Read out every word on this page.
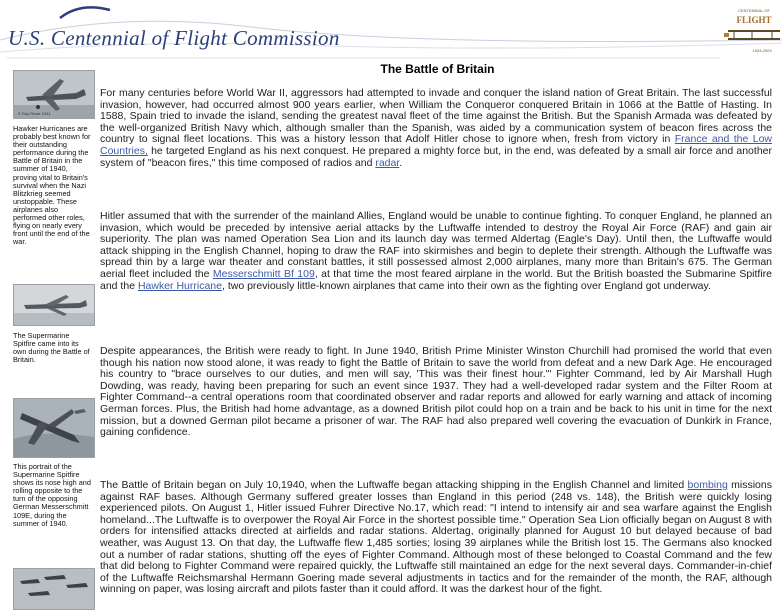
U.S. Centennial of Flight Commission
CENTENNIAL OF
FLIGHT
1903-2003
© Roy Rowe 1941
Hawker Hurricanes are probably best known for their outstanding performance during the Battle of Britain in the summer of 1940, proving vital to Britain's survival when the Nazi Blitzkrieg seemed unstoppable. These airplanes also performed other roles, flying on nearly every front until the end of the war.
The Supermarine Spitfire came into its own during the Battle of Britain.
This portrait of the Supermarine Spitfire shows its nose high and rolling opposite to the turn of the opposing German Messerschmitt 109E, during the summer of 1940.
The Battle of Britain
For many centuries before World War II, aggressors had attempted to invade and conquer the island nation of Great Britain. The last successful invasion, however, had occurred almost 900 years earlier, when William the Conqueror conquered Britain in 1066 at the Battle of Hasting. In 1588, Spain tried to invade the island, sending the greatest naval fleet of the time against the British. But the Spanish Armada was defeated by the well-organized British Navy which, although smaller than the Spanish, was aided by a communication system of beacon fires across the country to signal fleet locations. This was a history lesson that Adolf Hitler chose to ignore when, fresh from victory in France and the Low Countries, he targeted England as his next conquest. He prepared a mighty force but, in the end, was defeated by a small air force and another system of "beacon fires," this time composed of radios and radar.
Hitler assumed that with the surrender of the mainland Allies, England would be unable to continue fighting. To conquer England, he planned an invasion, which would be preceded by intensive aerial attacks by the Luftwaffe intended to destroy the Royal Air Force (RAF) and gain air superiority. The plan was named Operation Sea Lion and its launch day was termed Aldertag (Eagle's Day). Until then, the Luftwaffe would attack shipping in the English Channel, hoping to draw the RAF into skirmishes and begin to deplete their strength. Although the Luftwaffe was spread thin by a large war theater and constant battles, it still possessed almost 2,000 airplanes, many more than Britain's 675. The German aerial fleet included the Messerschmitt Bf 109, at that time the most feared airplane in the world. But the British boasted the Submarine Spitfire and the Hawker Hurricane, two previously little-known airplanes that came into their own as the fighting over England got underway.
Despite appearances, the British were ready to fight. In June 1940, British Prime Minister Winston Churchill had promised the world that even though his nation now stood alone, it was ready to fight the Battle of Britain to save the world from defeat and a new Dark Age. He encouraged his country to "brace ourselves to our duties, and men will say, 'This was their finest hour.'" Fighter Command, led by Air Marshall Hugh Dowding, was ready, having been preparing for such an event since 1937. They had a well-developed radar system and the Filter Room at Fighter Command--a central operations room that coordinated observer and radar reports and allowed for early warning and attack of incoming German forces. Plus, the British had home advantage, as a downed British pilot could hop on a train and be back to his unit in time for the next mission, but a downed German pilot became a prisoner of war. The RAF had also prepared well covering the evacuation of Dunkirk in France, gaining confidence.
The Battle of Britain began on July 10,1940, when the Luftwaffe began attacking shipping in the English Channel and limited bombing missions against RAF bases. Although Germany suffered greater losses than England in this period (248 vs. 148), the British were quickly losing experienced pilots. On August 1, Hitler issued Fuhrer Directive No.17, which read: "I intend to intensify air and sea warfare against the English homeland...The Luftwaffe is to overpower the Royal Air Force in the shortest possible time." Operation Sea Lion officially began on August 8 with orders for intensified attacks directed at airfields and radar stations. Aldertag, originally planned for August 10 but delayed because of bad weather, was August 13. On that day, the Luftwaffe flew 1,485 sorties; losing 39 airplanes while the British lost 15. The Germans also knocked out a number of radar stations, shutting off the eyes of Fighter Command. Although most of these belonged to Coastal Command and the few that did belong to Fighter Command were repaired quickly, the Luftwaffe still maintained an edge for the next several days. Commander-in-chief of the Luftwaffe Reichsmarshal Hermann Goering made several adjustments in tactics and for the remainder of the month, the RAF, although winning on paper, was losing aircraft and pilots faster than it could afford. It was the darkest hour of the fight.
